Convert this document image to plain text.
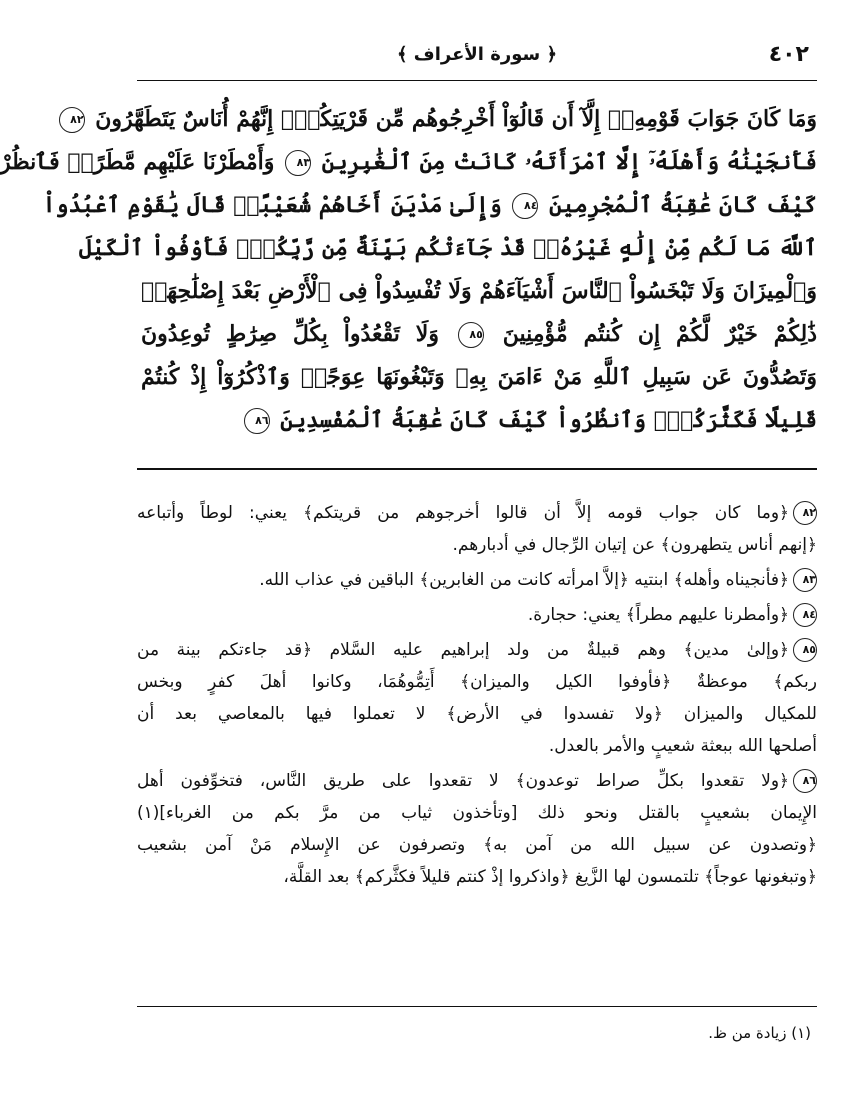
٤٠٢
﴿ سورة الأعراف ﴾
وَمَا كَانَ جَوَابَ قَوْمِهِۦٓ إِلَّآ أَن قَالُوٓاْ أَخْرِجُوهُم مِّن قَرْيَتِكُمْۖ إِنَّهُمْ أُنَاسٌ يَتَطَهَّرُونَ ٨٢
فَأَنجَيْنَٰهُ وَأَهْلَهُۥٓ إِلَّا ٱمْرَأَتَهُۥ كَانَتْ مِنَ ٱلْغَٰبِرِينَ ٨٣ وَأَمْطَرْنَا عَلَيْهِم مَّطَرًاۖ فَٱنظُرْ
كَيْفَ كَانَ عَٰقِبَةُ ٱلْمُجْرِمِينَ ٨٤ وَإِلَىٰ مَدْيَنَ أَخَاهُمْ شُعَيْبًاۗ قَالَ يَٰقَوْمِ ٱعْبُدُواْ
ٱللَّهَ مَا لَكُم مِّنْ إِلَٰهٍ غَيْرُهُۥۖ قَدْ جَآءَتْكُم بَيِّنَةٌ مِّن رَّبِّكُمْۖ فَأَوْفُواْ ٱلْكَيْلَ
وَٱلْمِيزَانَ وَلَا تَبْخَسُواْ ٱلنَّاسَ أَشْيَآءَهُمْ وَلَا تُفْسِدُواْ فِى ٱلْأَرْضِ بَعْدَ إِصْلَٰحِهَاۚ
ذَٰلِكُمْ خَيْرٌ لَّكُمْ إِن كُنتُم مُّؤْمِنِينَ ٨٥ وَلَا تَقْعُدُواْ بِكُلِّ صِرَٰطٍ تُوعِدُونَ
وَتَصُدُّونَ عَن سَبِيلِ ٱللَّهِ مَنْ ءَامَنَ بِهِۦ وَتَبْغُونَهَا عِوَجًاۚ وَٱذْكُرُوٓاْ إِذْ كُنتُمْ
قَلِيلًا فَكَثَّرَكُمْۖ وَٱنظُرُواْ كَيْفَ كَانَ عَٰقِبَةُ ٱلْمُفْسِدِينَ ٨٦
٨٢﴿وما كان جواب قومه إلاَّ أن قالوا أخرجوهم من قريتكم﴾ يعني: لوطاً وأتباعه
﴿إنهم أناس يتطهرون﴾ عن إتيان الرِّجال في أدبارهم.
٨٣﴿فأنجيناه وأهله﴾ ابنتيه ﴿إلاَّ امرأته كانت من الغابرين﴾ الباقين في عذاب الله.
٨٤﴿وأمطرنا عليهم مطراً﴾ يعني: حجارة.
٨٥﴿وإلىٰ مدين﴾ وهم قبيلةٌ من ولد إبراهيم عليه السَّلام ﴿قد جاءتكم بينة من
ربكم﴾ موعظةٌ ﴿فأوفوا الكيل والميزان﴾ أَتِمُّوهُمَا، وكانوا أهلَ كفرٍ وبخس
للمكيال والميزان ﴿ولا تفسدوا في الأرض﴾ لا تعملوا فيها بالمعاصي بعد أن
أصلحها الله ببعثة شعيبٍ والأمر بالعدل.
٨٦﴿ولا تقعدوا بكلِّ صراط توعدون﴾ لا تقعدوا على طريق النَّاس، فتخوِّفون أهل
الإِيمان بشعيبٍ بالقتل ونحو ذلك [وتأخذون ثياب من مرَّ بكم من الغرباء](١)
﴿وتصدون عن سبيل الله من آمن به﴾ وتصرفون عن الإِسلام مَنْ آمن بشعيب
﴿وتبغونها عوجاً﴾ تلتمسون لها الزَّيغ ﴿واذكروا إذْ كنتم قليلاً فكثَّركم﴾ بعد القلَّة،
(١) زيادة من ظ.
